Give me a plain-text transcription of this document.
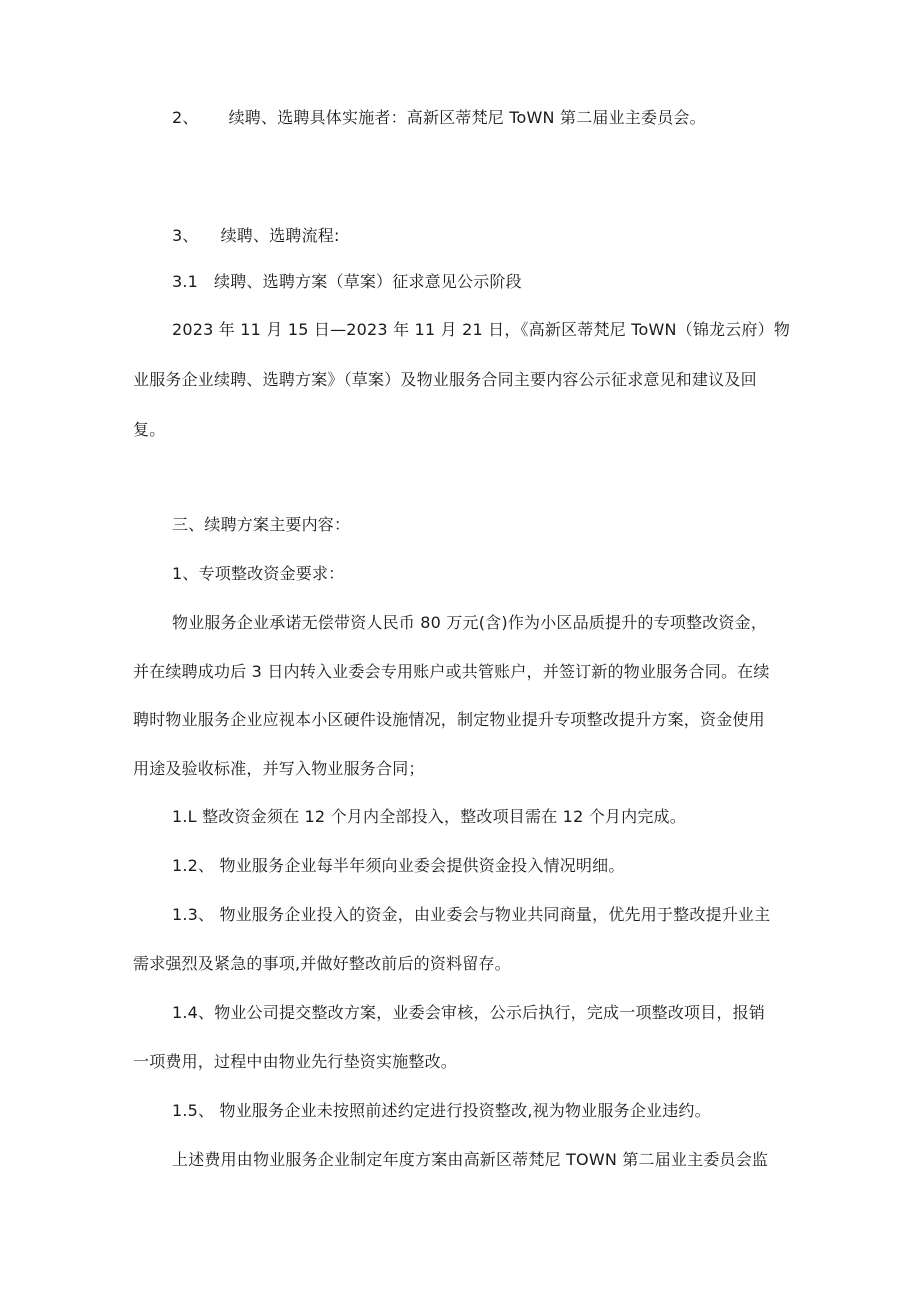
2、 续聘、选聘具体实施者：高新区蒂梵尼 ToWN 第二届业主委员会。
3、 续聘、选聘流程:
3.1 续聘、选聘方案（草案）征求意见公示阶段
2023 年 11 月 15 日—2023 年 11 月 21 日，《高新区蒂梵尼 ToWN（锦龙云府）物
业服务企业续聘、选聘方案》（草案）及物业服务合同主要内容公示征求意见和建议及回
复。
三、续聘方案主要内容：
1、专项整改资金要求：
物业服务企业承诺无偿带资人民币 80 万元(含)作为小区品质提升的专项整改资金，
并在续聘成功后 3 日内转入业委会专用账户或共管账户，并签订新的物业服务合同。在续
聘时物业服务企业应视本小区硬件设施情况，制定物业提升专项整改提升方案，资金使用
用途及验收标准，并写入物业服务合同；
1.L 整改资金须在 12 个月内全部投入，整改项目需在 12 个月内完成。
1.2、 物业服务企业每半年须向业委会提供资金投入情况明细。
1.3、 物业服务企业投入的资金，由业委会与物业共同商量，优先用于整改提升业主
需求强烈及紧急的事项,并做好整改前后的资料留存。
1.4、物业公司提交整改方案，业委会审核，公示后执行，完成一项整改项目，报销
一项费用，过程中由物业先行垫资实施整改。
1.5、 物业服务企业未按照前述约定进行投资整改,视为物业服务企业违约。
上述费用由物业服务企业制定年度方案由高新区蒂梵尼 TOWN 第二届业主委员会监
